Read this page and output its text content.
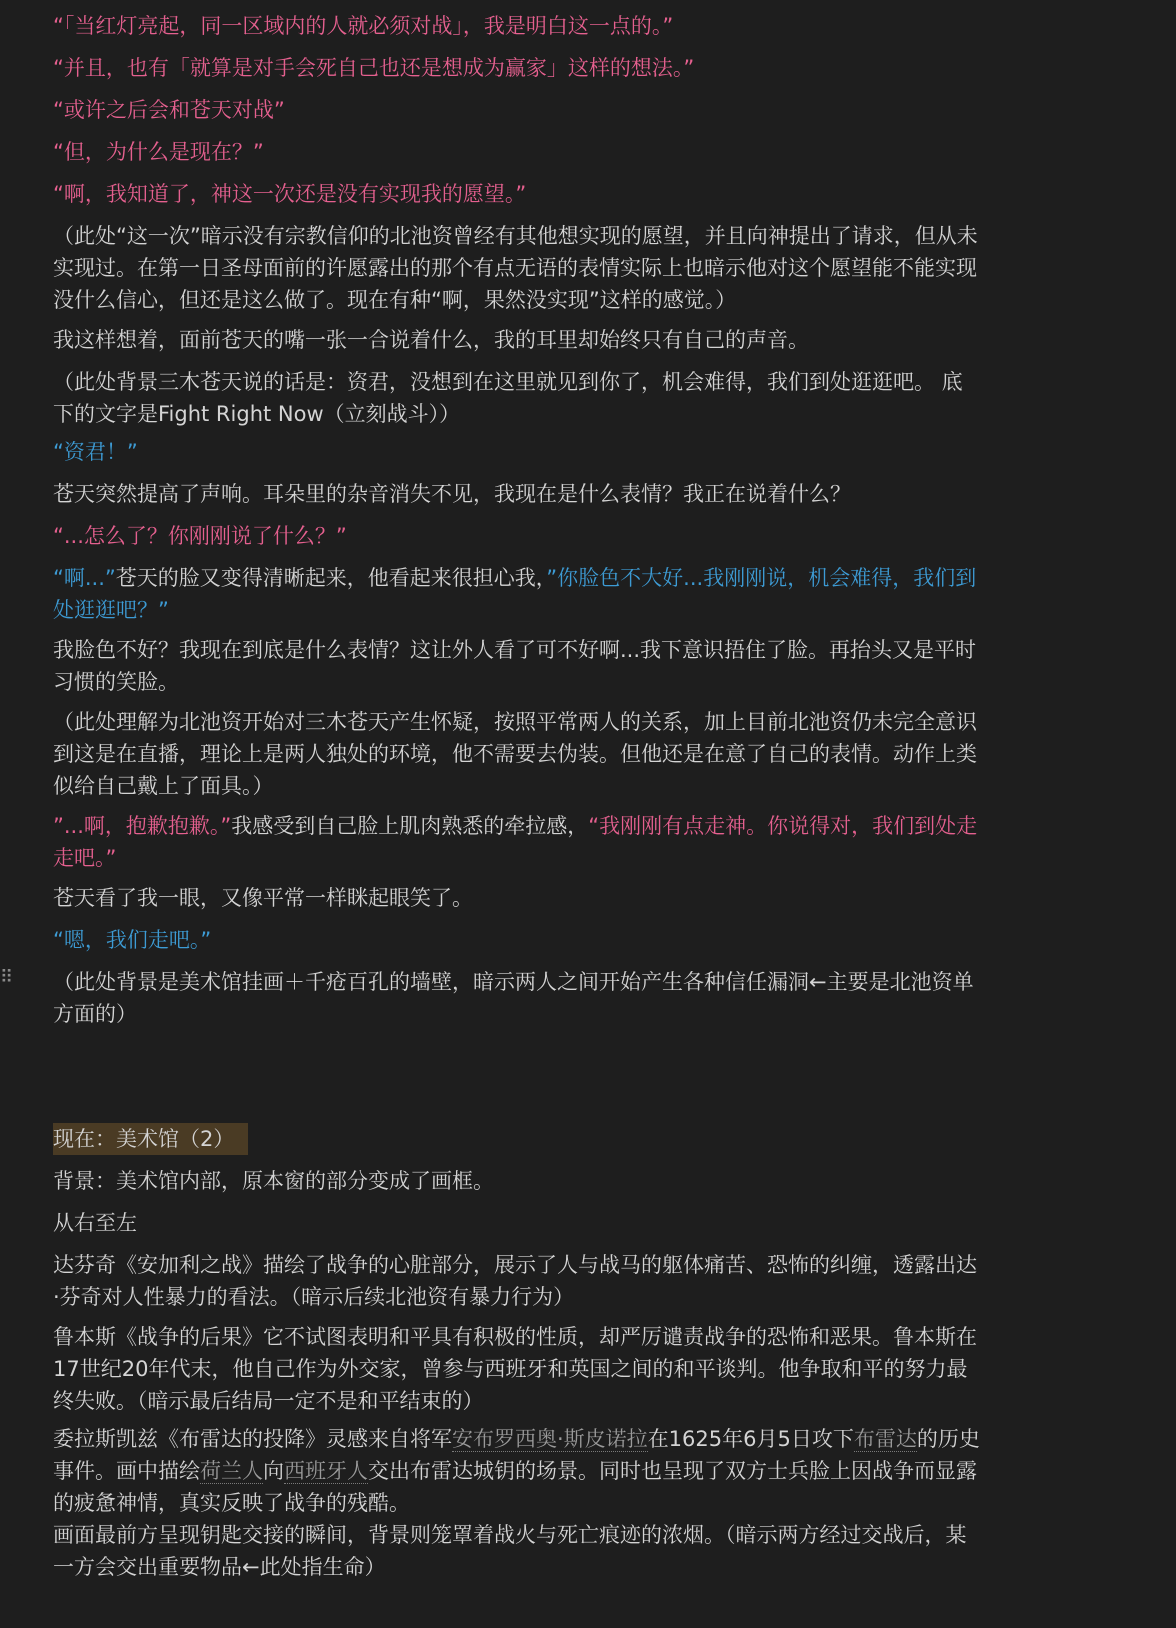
⠿
现在：美术馆（2）
“「当红灯亮起，同一区域内的人就必须对战」，我是明白这一点的。”
“并且，也有「就算是对手会死自己也还是想成为赢家」这样的想法。”
“或许之后会和苍天对战”
“但，为什么是现在？”
“啊，我知道了，神这一次还是没有实现我的愿望。”
（此处“这一次”暗示没有宗教信仰的北池资曾经有其他想实现的愿望，并且向神提出了请求，但从未
实现过。在第一日圣母面前的许愿露出的那个有点无语的表情实际上也暗示他对这个愿望能不能实现
没什么信心，但还是这么做了。现在有种“啊，果然没实现”这样的感觉。）
我这样想着，面前苍天的嘴一张一合说着什么，我的耳里却始终只有自己的声音。
（此处背景三木苍天说的话是：资君，没想到在这里就见到你了，机会难得，我们到处逛逛吧。 底
下的文字是Fight Right Now（立刻战斗））
“资君！”
苍天突然提高了声响。耳朵里的杂音消失不见，我现在是什么表情？我正在说着什么？
“...怎么了？你刚刚说了什么？”
“啊...”苍天的脸又变得清晰起来，他看起来很担心我，”你脸色不大好...我刚刚说，机会难得，我们到
处逛逛吧？”
我脸色不好？我现在到底是什么表情？这让外人看了可不好啊...我下意识捂住了脸。再抬头又是平时
习惯的笑脸。
（此处理解为北池资开始对三木苍天产生怀疑，按照平常两人的关系，加上目前北池资仍未完全意识
到这是在直播，理论上是两人独处的环境，他不需要去伪装。但他还是在意了自己的表情。动作上类
似给自己戴上了面具。）
”...啊，抱歉抱歉。”我感受到自己脸上肌肉熟悉的牵拉感，“我刚刚有点走神。你说得对，我们到处走
走吧。”
苍天看了我一眼，又像平常一样眯起眼笑了。
“嗯，我们走吧。”
（此处背景是美术馆挂画＋千疮百孔的墙壁，暗示两人之间开始产生各种信任漏洞←主要是北池资单
方面的）
背景：美术馆内部，原本窗的部分变成了画框。
从右至左
达芬奇《安加利之战》描绘了战争的心脏部分，展示了人与战马的躯体痛苦、恐怖的纠缠，透露出达
·芬奇对人性暴力的看法。（暗示后续北池资有暴力行为）
鲁本斯《战争的后果》它不试图表明和平具有积极的性质，却严厉谴责战争的恐怖和恶果。鲁本斯在
17世纪20年代末，他自己作为外交家，曾参与西班牙和英国之间的和平谈判。他争取和平的努力最
终失败。（暗示最后结局一定不是和平结束的）
委拉斯凯兹《布雷达的投降》灵感来自将军安布罗西奥·斯皮诺拉在1625年6月5日攻下布雷达的历史
事件。画中描绘荷兰人向西班牙人交出布雷达城钥的场景。同时也呈现了双方士兵脸上因战争而显露
的疲惫神情，真实反映了战争的残酷。
画面最前方呈现钥匙交接的瞬间，背景则笼罩着战火与死亡痕迹的浓烟。（暗示两方经过交战后，某
一方会交出重要物品←此处指生命）
